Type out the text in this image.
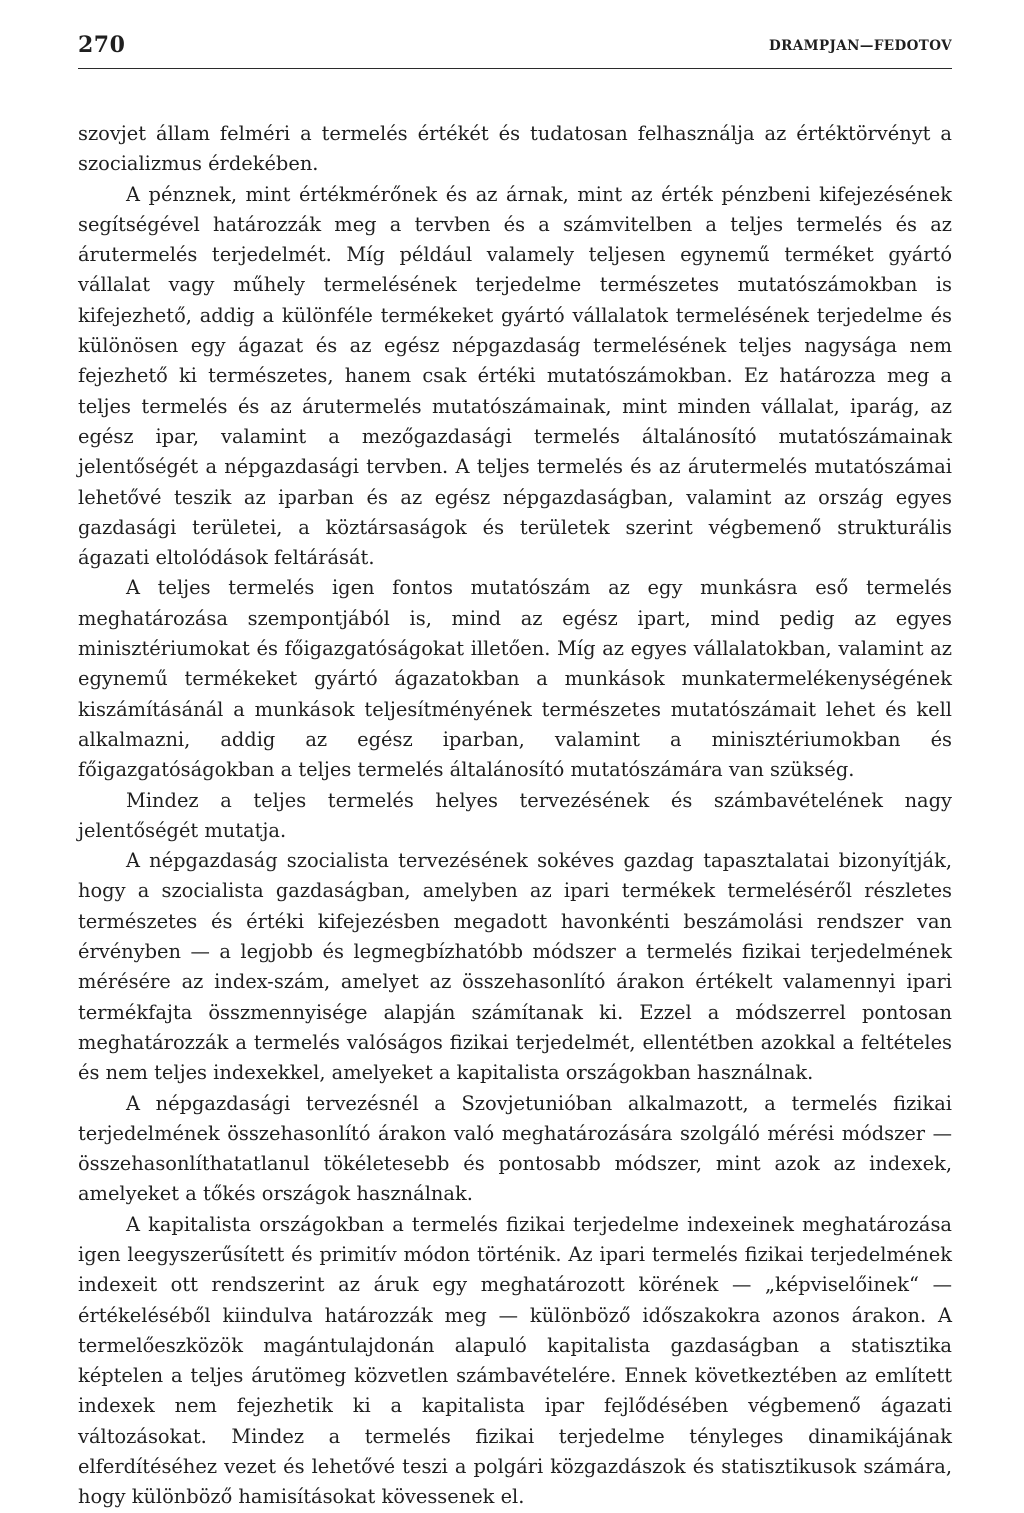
270	DRAMPJAN—FEDOTOV

szovjet állam felméri a termelés értékét és tudatosan felhasználja az értéktörvényt a szocializmus érdekében.

A pénznek, mint értékmérőnek és az árnak, mint az érték pénzbeni kifejezésének segítségével határozzák meg a tervben és a számvitelben a teljes termelés és az árutermelés terjedelmét. Míg például valamely teljesen egynemű terméket gyártó vállalat vagy műhely termelésének terjedelme természetes mutatószámokban is kifejezhető, addig a különféle termékeket gyártó vállalatok termelésének terjedelme és különösen egy ágazat és az egész népgazdaság termelésének teljes nagysága nem fejezhető ki természetes, hanem csak értéki mutatószámokban. Ez határozza meg a teljes termelés és az árutermelés mutatószámainak, mint minden vállalat, iparág, az egész ipar, valamint a mezőgazdasági termelés általánosító mutatószámainak jelentőségét a népgazdasági tervben. A teljes termelés és az árutermelés mutatószámai lehetővé teszik az iparban és az egész népgazdaságban, valamint az ország egyes gazdasági területei, a köztársaságok és területek szerint végbemenő strukturális ágazati eltolódások feltárását.

A teljes termelés igen fontos mutatószám az egy munkásra eső termelés meghatározása szempontjából is, mind az egész ipart, mind pedig az egyes minisztériumokat és főigazgatóságokat illetően. Míg az egyes vállalatokban, valamint az egynemű termékeket gyártó ágazatokban a munkások munkatermelékenységének kiszámításánál a munkások teljesítményének természetes mutatószámait lehet és kell alkalmazni, addig az egész iparban, valamint a minisztériumokban és főigazgatóságokban a teljes termelés általánosító mutatószámára van szükség.

Mindez a teljes termelés helyes tervezésének és számbavételének nagy jelentőségét mutatja.

A népgazdaság szocialista tervezésének sokéves gazdag tapasztalatai bizonyítják, hogy a szocialista gazdaságban, amelyben az ipari termékek termeléséről részletes természetes és értéki kifejezésben megadott havonkénti beszámolási rendszer van érvényben — a legjobb és legmegbízhatóbb módszer a termelés fizikai terjedelmének mérésére az index-szám, amelyet az összehasonlító árakon értékelt valamennyi ipari termékfajta összmennyisége alapján számítanak ki. Ezzel a módszerrel pontosan meghatározzák a termelés valóságos fizikai terjedelmét, ellentétben azokkal a feltételes és nem teljes indexekkel, amelyeket a kapitalista országokban használnak.

A népgazdasági tervezésnél a Szovjetunióban alkalmazott, a termelés fizikai terjedelmének összehasonlító árakon való meghatározására szolgáló mérési módszer — összehasonlíthatatlanul tökéletesebb és pontosabb módszer, mint azok az indexek, amelyeket a tőkés országok használnak.

A kapitalista országokban a termelés fizikai terjedelme indexeinek meghatározása igen leegyszerűsített és primitív módon történik. Az ipari termelés fizikai terjedelmének indexeit ott rendszerint az áruk egy meghatározott körének — „képviselőinek“ — értékeléséből kiindulva határozzák meg — különböző időszakokra azonos árakon. A termelőeszközök magántulajdonán alapuló kapitalista gazdaságban a statisztika képtelen a teljes árutömeg közvetlen számbavételére. Ennek következtében az említett indexek nem fejezhetik ki a kapitalista ipar fejlődésében végbemenő ágazati változásokat. Mindez a termelés fizikai terjedelme tényleges dinamikájának elferdítéséhez vezet és lehetővé teszi a polgári közgazdászok és statisztikusok számára, hogy különböző hamisításokat kövessenek el.
